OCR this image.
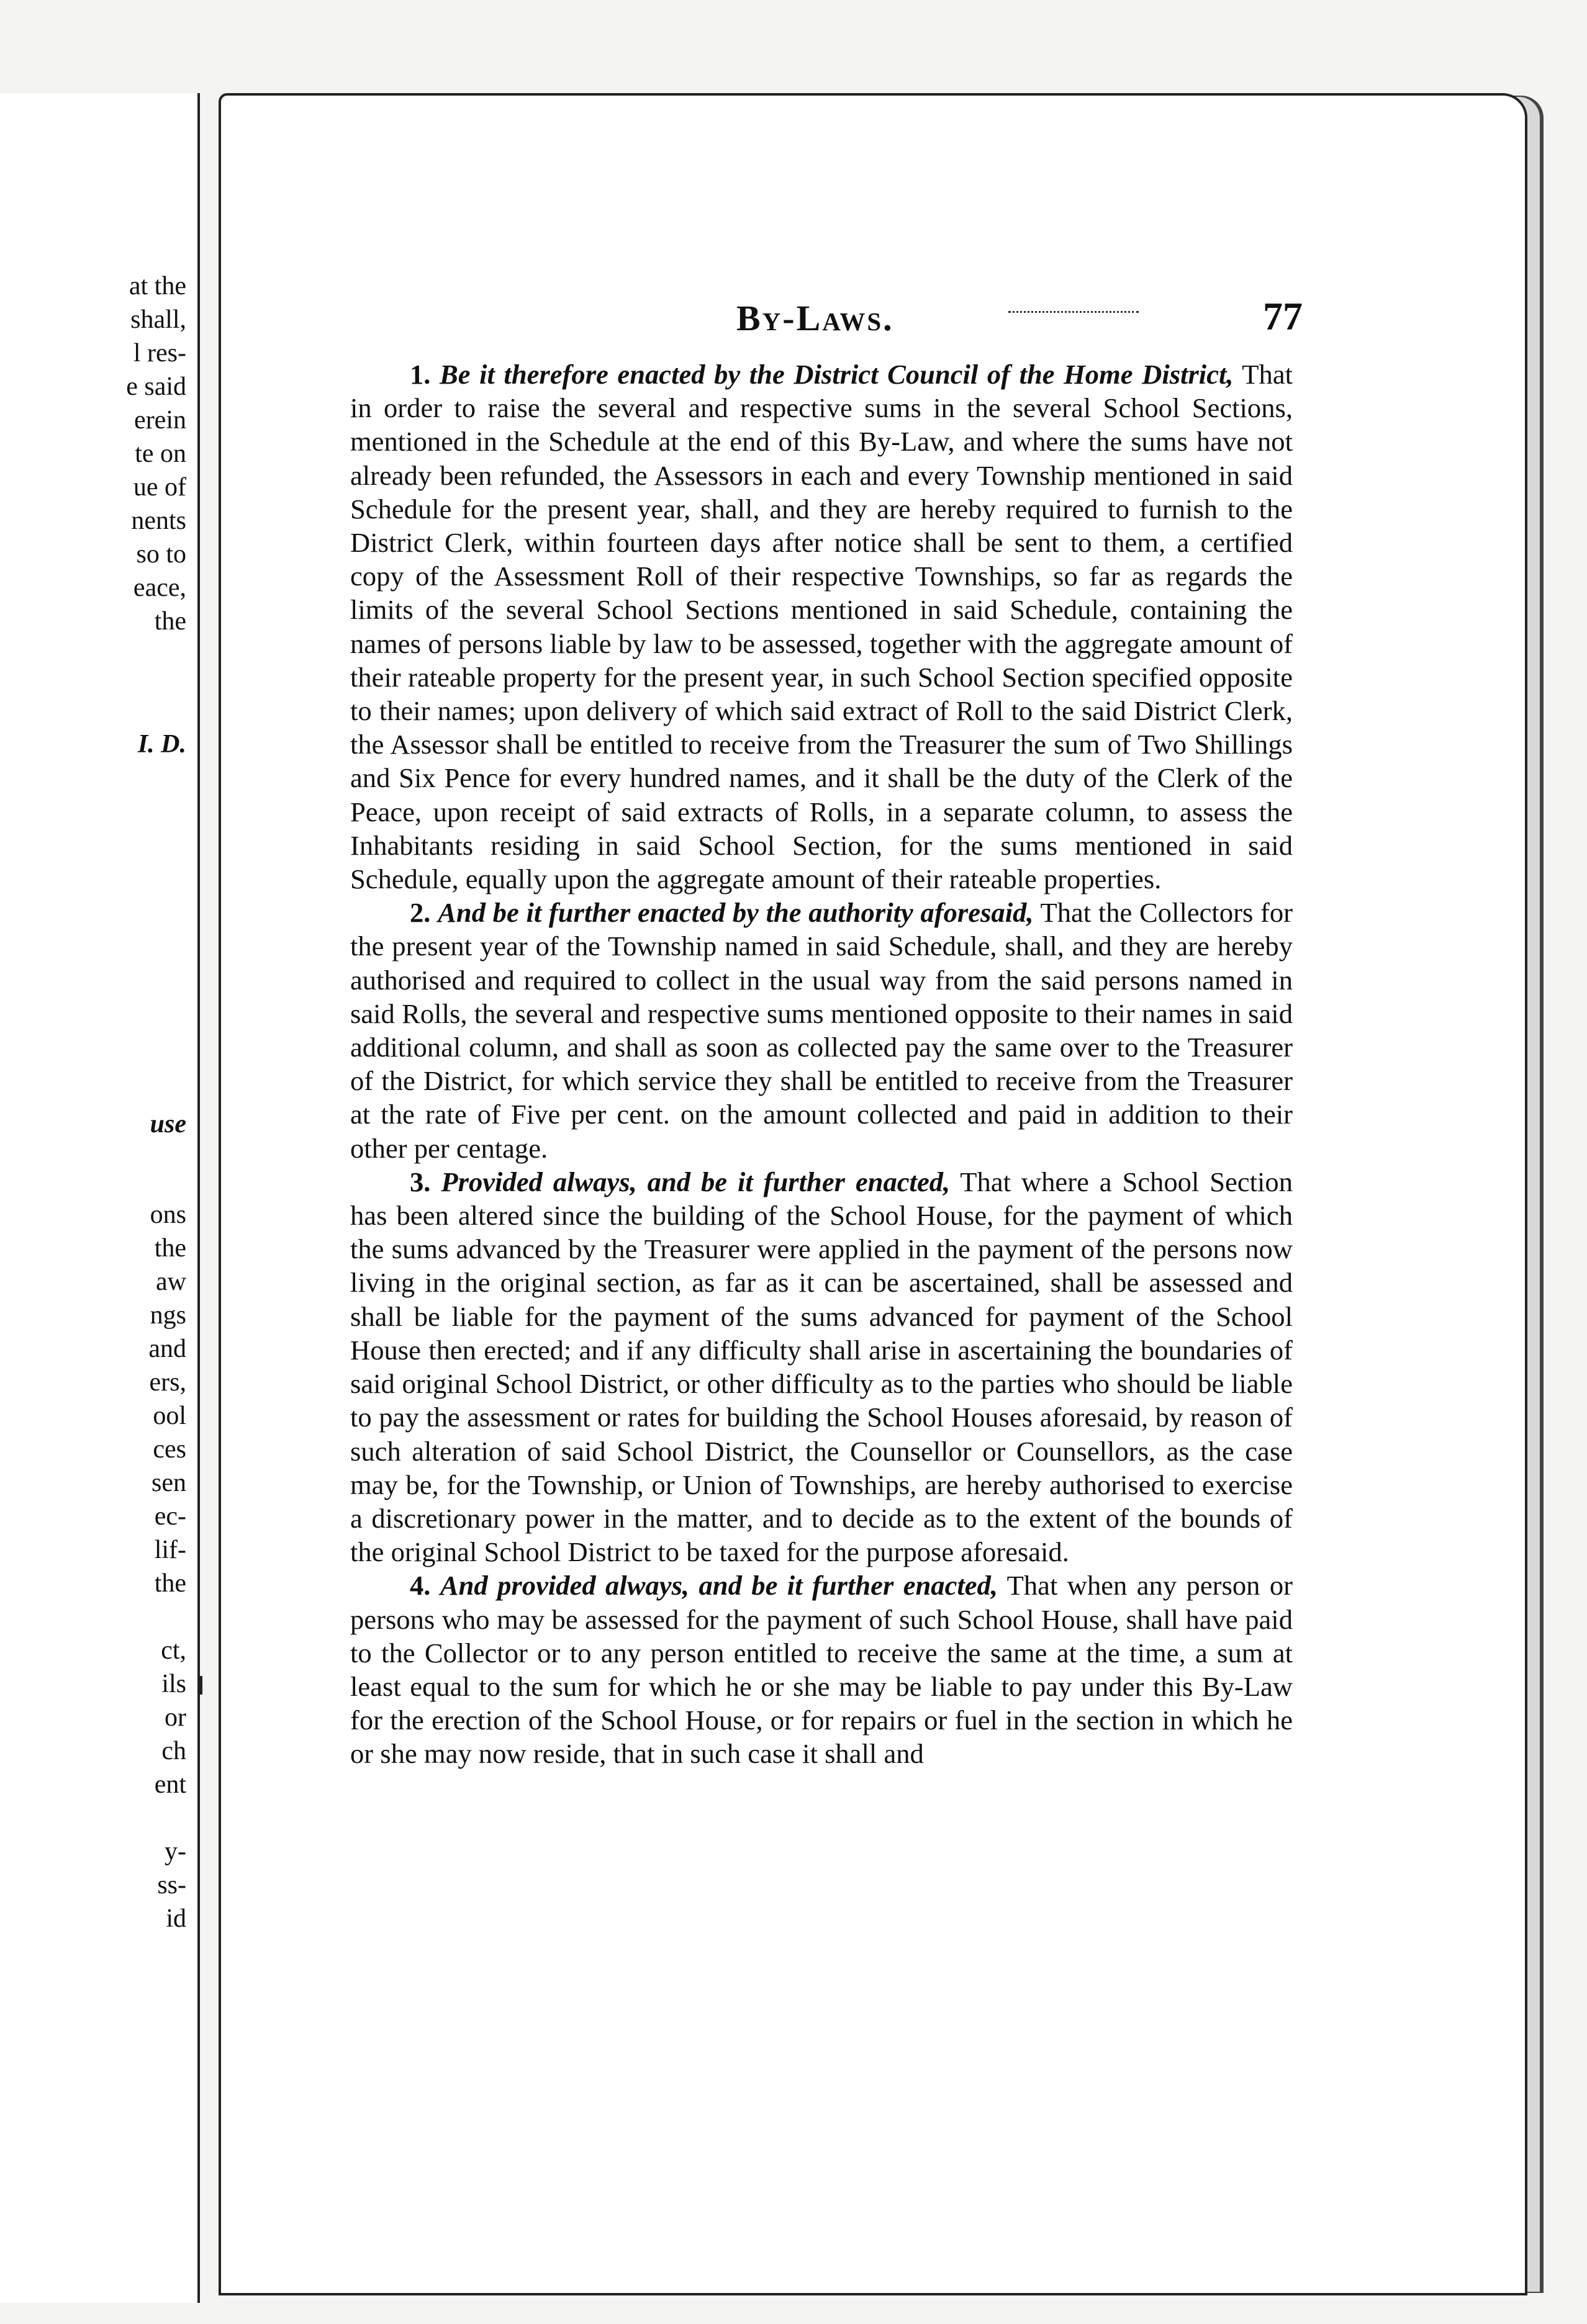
at the
shall,
l res-
e said
erein
te on
ue of
nents
so to
eace,
the
I. D.
use
ons
the
aw
ngs
and
ers,
ool
ces
sen
ec-
lif-
the
ct,
ils
or
ch
ent
y-
ss-
id
By-Laws.	77

1. Be it therefore enacted by the District Council of the Home District, That in order to raise the several and respective sums in the several School Sections, mentioned in the Schedule at the end of this By-Law, and where the sums have not already been refunded, the Assessors in each and every Township mentioned in said Schedule for the present year, shall, and they are hereby required to furnish to the District Clerk, within fourteen days after notice shall be sent to them, a certified copy of the Assessment Roll of their respective Townships, so far as regards the limits of the several School Sections mentioned in said Schedule, containing the names of persons liable by law to be assessed, together with the aggregate amount of their rateable property for the present year, in such School Section specified opposite to their names; upon delivery of which said extract of Roll to the said District Clerk, the Assessor shall be entitled to receive from the Treasurer the sum of Two Shillings and Six Pence for every hundred names, and it shall be the duty of the Clerk of the Peace, upon receipt of said extracts of Rolls, in a separate column, to assess the Inhabitants residing in said School Section, for the sums mentioned in said Schedule, equally upon the aggregate amount of their rateable properties.

2. And be it further enacted by the authority aforesaid, That the Collectors for the present year of the Township named in said Schedule, shall, and they are hereby authorised and required to collect in the usual way from the said persons named in said Rolls, the several and respective sums mentioned opposite to their names in said additional column, and shall as soon as collected pay the same over to the Treasurer of the District, for which service they shall be entitled to receive from the Treasurer at the rate of Five per cent. on the amount collected and paid in addition to their other per centage.

3. Provided always, and be it further enacted, That where a School Section has been altered since the building of the School House, for the payment of which the sums advanced by the Treasurer were applied in the payment of the persons now living in the original section, as far as it can be ascertained, shall be assessed and shall be liable for the payment of the sums advanced for payment of the School House then erected; and if any difficulty shall arise in ascertaining the boundaries of said original School District, or other difficulty as to the parties who should be liable to pay the assessment or rates for building the School Houses aforesaid, by reason of such alteration of said School District, the Counsellor or Counsellors, as the case may be, for the Township, or Union of Townships, are hereby authorised to exercise a discretionary power in the matter, and to decide as to the extent of the bounds of the original School District to be taxed for the purpose aforesaid.

4. And provided always, and be it further enacted, That when any person or persons who may be assessed for the payment of such School House, shall have paid to the Collector or to any person entitled to receive the same at the time, a sum at least equal to the sum for which he or she may be liable to pay under this By-Law for the erection of the School House, or for repairs or fuel in the section in which he or she may now reside, that in such case it shall and
